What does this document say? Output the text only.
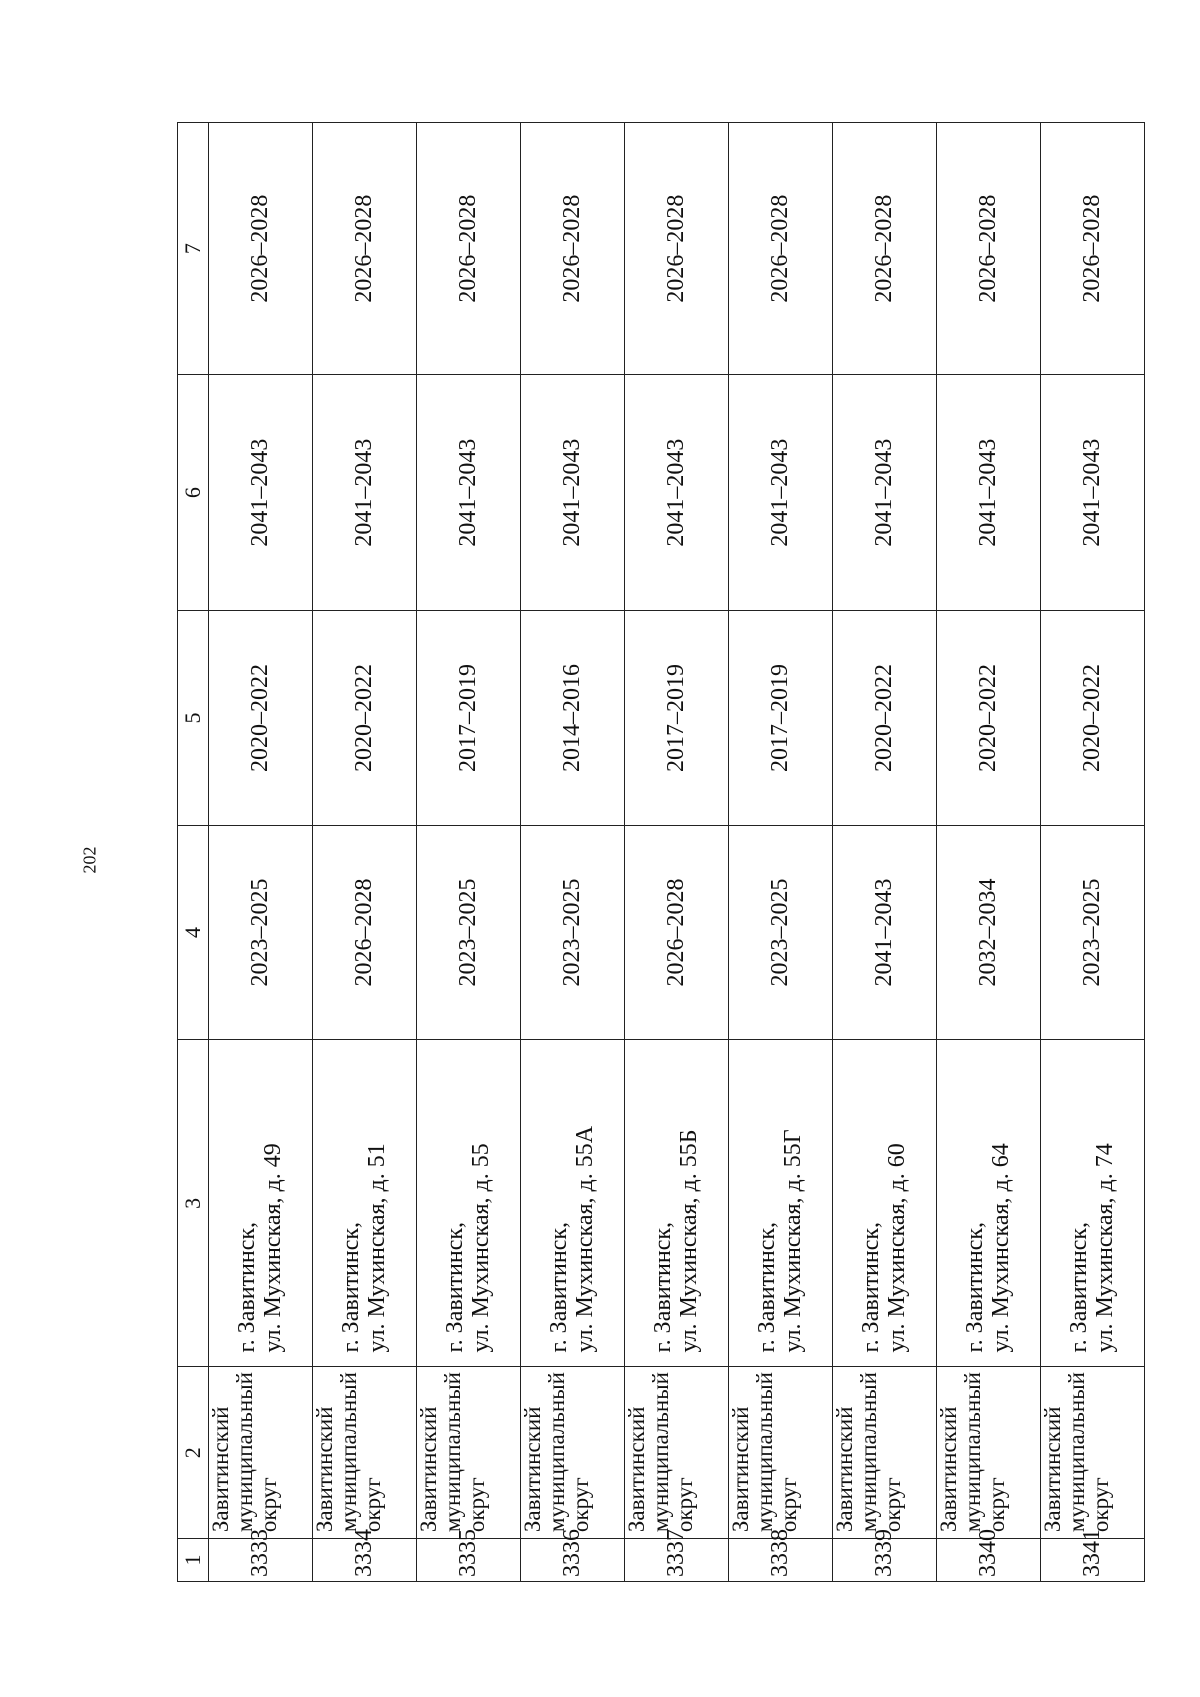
202
1	2	3	4	5	6	7
3333	Завитинский муниципальный округ	г. Завитинск, ул. Мухинская, д. 49	2023–2025	2020–2022	2041–2043	2026–2028
3334	Завитинский муниципальный округ	г. Завитинск, ул. Мухинская, д. 51	2026–2028	2020–2022	2041–2043	2026–2028
3335	Завитинский муниципальный округ	г. Завитинск, ул. Мухинская, д. 55	2023–2025	2017–2019	2041–2043	2026–2028
3336	Завитинский муниципальный округ	г. Завитинск, ул. Мухинская, д. 55А	2023–2025	2014–2016	2041–2043	2026–2028
3337	Завитинский муниципальный округ	г. Завитинск, ул. Мухинская, д. 55Б	2026–2028	2017–2019	2041–2043	2026–2028
3338	Завитинский муниципальный округ	г. Завитинск, ул. Мухинская, д. 55Г	2023–2025	2017–2019	2041–2043	2026–2028
3339	Завитинский муниципальный округ	г. Завитинск, ул. Мухинская, д. 60	2041–2043	2020–2022	2041–2043	2026–2028
3340	Завитинский муниципальный округ	г. Завитинск, ул. Мухинская, д. 64	2032–2034	2020–2022	2041–2043	2026–2028
3341	Завитинский муниципальный округ	г. Завитинск, ул. Мухинская, д. 74	2023–2025	2020–2022	2041–2043	2026–2028
